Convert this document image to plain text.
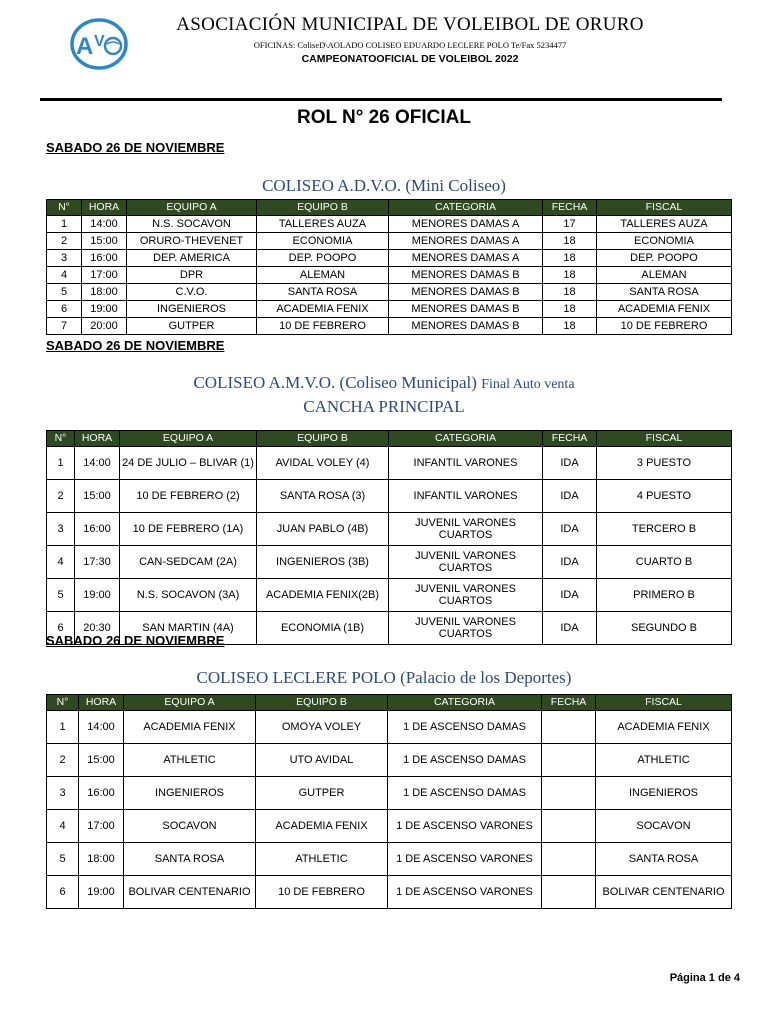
A V
ASOCIACIÓN MUNICIPAL DE VOLEIBOL DE ORURO
OFICINAS: ColiseD\AOLADO COLISEO EDUARDO LECLERE POLO Te/Fax 5234477
CAMPEONATOOFICIAL DE VOLEIBOL 2022
ROL N° 26 OFICIAL
SABADO 26 DE NOVIEMBRE
COLISEO A.D.V.O. (Mini Coliseo)
N°	HORA	EQUIPO A	EQUIPO B	CATEGORIA	FECHA	FISCAL
1	14:00	N.S. SOCAVON	TALLERES AUZA	MENORES DAMAS A	17	TALLERES AUZA
2	15:00	ORURO-THEVENET	ECONOMIA	MENORES DAMAS A	18	ECONOMIA
3	16:00	DEP. AMERICA	DEP. POOPO	MENORES DAMAS A	18	DEP. POOPO
4	17:00	DPR	ALEMAN	MENORES DAMAS B	18	ALEMAN
5	18:00	C.V.O.	SANTA ROSA	MENORES DAMAS B	18	SANTA ROSA
6	19:00	INGENIEROS	ACADEMIA FENIX	MENORES DAMAS B	18	ACADEMIA FENIX
7	20:00	GUTPER	10 DE FEBRERO	MENORES DAMAS B	18	10 DE FEBRERO
SABADO 26 DE NOVIEMBRE
COLISEO A.M.V.O. (Coliseo Municipal) Final Auto venta
CANCHA PRINCIPAL
N°	HORA	EQUIPO A	EQUIPO B	CATEGORIA	FECHA	FISCAL
1	14:00	24 DE JULIO – BLIVAR (1)	AVIDAL VOLEY (4)	INFANTIL VARONES	IDA	3 PUESTO
2	15:00	10 DE FEBRERO (2)	SANTA ROSA (3)	INFANTIL VARONES	IDA	4 PUESTO
3	16:00	10 DE FEBRERO (1A)	JUAN PABLO (4B)	JUVENIL VARONES CUARTOS	IDA	TERCERO B
4	17:30	CAN-SEDCAM (2A)	INGENIEROS (3B)	JUVENIL VARONES CUARTOS	IDA	CUARTO B
5	19:00	N.S. SOCAVON (3A)	ACADEMIA FENIX(2B)	JUVENIL VARONES CUARTOS	IDA	PRIMERO B
6	20:30	SAN MARTIN (4A)	ECONOMIA (1B)	JUVENIL VARONES CUARTOS	IDA	SEGUNDO B
SABADO 26 DE NOVIEMBRE
COLISEO LECLERE POLO (Palacio de los Deportes)
N°	HORA	EQUIPO A	EQUIPO B	CATEGORIA	FECHA	FISCAL
1	14:00	ACADEMIA FENIX	OMOYA VOLEY	1 DE ASCENSO DAMAS		ACADEMIA FENIX
2	15:00	ATHLETIC	UTO AVIDAL	1 DE ASCENSO DAMAS		ATHLETIC
3	16:00	INGENIEROS	GUTPER	1 DE ASCENSO DAMAS		INGENIEROS
4	17:00	SOCAVON	ACADEMIA FENIX	1 DE ASCENSO VARONES		SOCAVON
5	18:00	SANTA ROSA	ATHLETIC	1 DE ASCENSO VARONES		SANTA ROSA
6	19:00	BOLIVAR CENTENARIO	10 DE FEBRERO	1 DE ASCENSO VARONES		BOLIVAR CENTENARIO
Página 1 de 4
